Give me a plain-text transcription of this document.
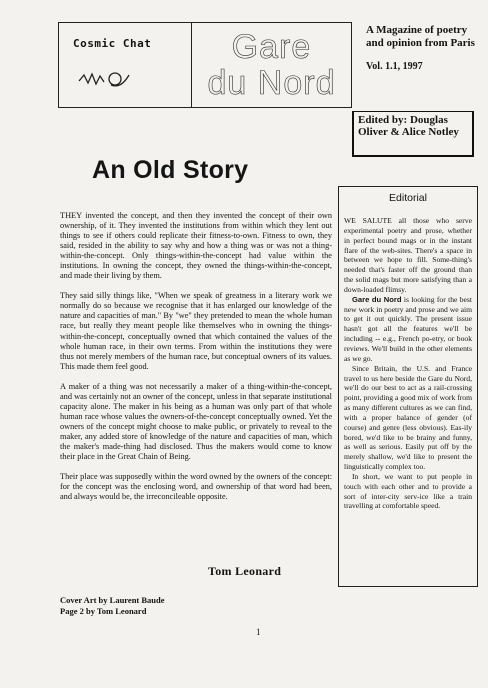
Cosmic Chat	Gare
du Nord
A Magazine of poetry and opinion from Paris
Vol. 1.1, 1997
Edited by: Douglas Oliver & Alice Notley
An Old Story

THEY invented the concept, and then they invented the concept of their own ownership, of it. They invented the institutions from within which they lent out things to see if others could replicate their fitness-to-own. Fitness to own, they said, resided in the ability to say why and how a thing was or was not a thing-within-the-concept. Only things-within-the-concept had value within the institutions. In owning the concept, they owned the things-within-the-concept, and made their living by them.

They said silly things like, "When we speak of greatness in a literary work we normally do so because we recognise that it has enlarged our knowledge of the nature and capacities of man." By "we" they pretended to mean the whole human race, but really they meant people like themselves who in owning the things-within-the-concept, conceptually owned that which contained the values of the whole human race, in their own terms. From within the institutions they were thus not merely members of the human race, but conceptual owners of its values. This made them feel good.

A maker of a thing was not necessarily a maker of a thing-within-the-concept, and was certainly not an owner of the concept, unless in that separate institutional capacity alone. The maker in his being as a human was only part of that whole human race whose values the owners-of-the-concept conceptually owned. Yet the owners of the concept might choose to make public, or privately to reveal to the maker, any added store of knowledge of the nature and capacities of man, which the maker's made-thing had disclosed. Thus the makers would come to know their place in the Great Chain of Being.

Their place was supposedly within the word owned by the owners of the concept: for the concept was the enclosing word, and ownership of that word had been, and always would be, the irreconcileable opposite.

Tom Leonard
Cover Art by Laurent Baude
Page 2 by Tom Leonard
1
Editorial

WE SALUTE all those who serve experimental poetry and prose, whether in perfect bound mags or in the instant flare of the web-sites. There's a space in between we hope to fill. Some-thing's needed that's faster off the ground than the solid mags but more satisfying than a down-loaded flimsy.

Gare du Nord is looking for the best new work in poetry and prose and we aim to get it out quickly. The present issue hasn't got all the features we'll be including -- e.g., French po-etry, or book reviews. We'll build in the other elements as we go.

Since Britain, the U.S. and France travel to us here beside the Gare du Nord, we'll do our best to act as a rail-crossing point, providing a good mix of work from as many different cultures as we can find, with a proper balance of gender (of course) and genre (less obvious). Eas-ily bored, we'd like to be brainy and funny, as well as serious. Easily put off by the merely shallow, we'd like to present the linguistically complex too.

In short, we want to put people in touch with each other and to provide a sort of inter-city serv-ice like a train travelling at comfortable speed.
